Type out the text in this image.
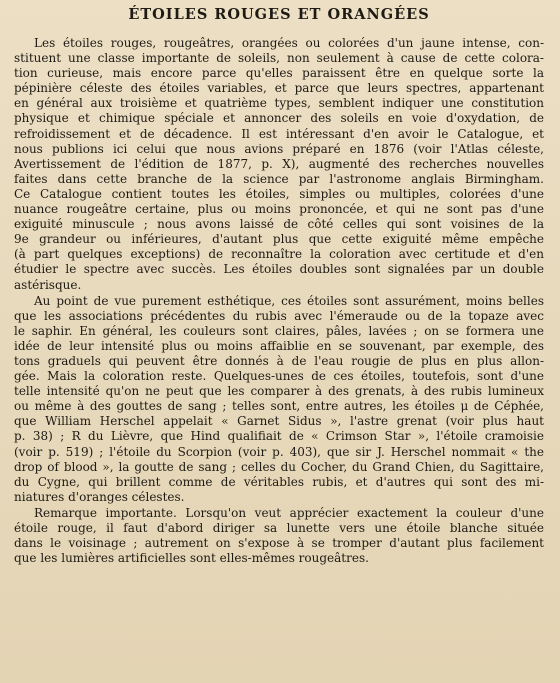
ÉTOILES ROUGES ET ORANGÉES
Les étoiles rouges, rougeâtres, orangées ou colorées d'un jaune intense, con-
stituent une classe importante de soleils, non seulement à cause de cette colora-
tion curieuse, mais encore parce qu'elles paraissent être en quelque sorte la
pépinière céleste des étoiles variables, et parce que leurs spectres, appartenant
en général aux troisième et quatrième types, semblent indiquer une constitution
physique et chimique spéciale et annoncer des soleils en voie d'oxydation, de
refroidissement et de décadence. Il est intéressant d'en avoir le Catalogue, et
nous publions ici celui que nous avions préparé en 1876 (voir l'Atlas céleste,
Avertissement de l'édition de 1877, p. X), augmenté des recherches nouvelles
faites dans cette branche de la science par l'astronome anglais Birmingham.
Ce Catalogue contient toutes les étoiles, simples ou multiples, colorées d'une
nuance rougeâtre certaine, plus ou moins prononcée, et qui ne sont pas d'une
exiguité minuscule ; nous avons laissé de côté celles qui sont voisines de la
9e grandeur ou inférieures, d'autant plus que cette exiguité même empêche
(à part quelques exceptions) de reconnaître la coloration avec certitude et d'en
étudier le spectre avec succès. Les étoiles doubles sont signalées par un double
astérisque.
Au point de vue purement esthétique, ces étoiles sont assurément, moins belles
que les associations précédentes du rubis avec l'émeraude ou de la topaze avec
le saphir. En général, les couleurs sont claires, pâles, lavées ; on se formera une
idée de leur intensité plus ou moins affaiblie en se souvenant, par exemple, des
tons graduels qui peuvent être donnés à de l'eau rougie de plus en plus allon-
gée. Mais la coloration reste. Quelques-unes de ces étoiles, toutefois, sont d'une
telle intensité qu'on ne peut que les comparer à des grenats, à des rubis lumineux
ou même à des gouttes de sang ; telles sont, entre autres, les étoiles μ de Céphée,
que William Herschel appelait « Garnet Sidus », l'astre grenat (voir plus haut
p. 38) ; R du Lièvre, que Hind qualifiait de « Crimson Star », l'étoile cramoisie
(voir p. 519) ; l'étoile du Scorpion (voir p. 403), que sir J. Herschel nommait « the
drop of blood », la goutte de sang ; celles du Cocher, du Grand Chien, du Sagittaire,
du Cygne, qui brillent comme de véritables rubis, et d'autres qui sont des mi-
niatures d'oranges célestes.
Remarque importante. Lorsqu'on veut apprécier exactement la couleur d'une
étoile rouge, il faut d'abord diriger sa lunette vers une étoile blanche située
dans le voisinage ; autrement on s'expose à se tromper d'autant plus facilement
que les lumières artificielles sont elles-mêmes rougeâtres.
